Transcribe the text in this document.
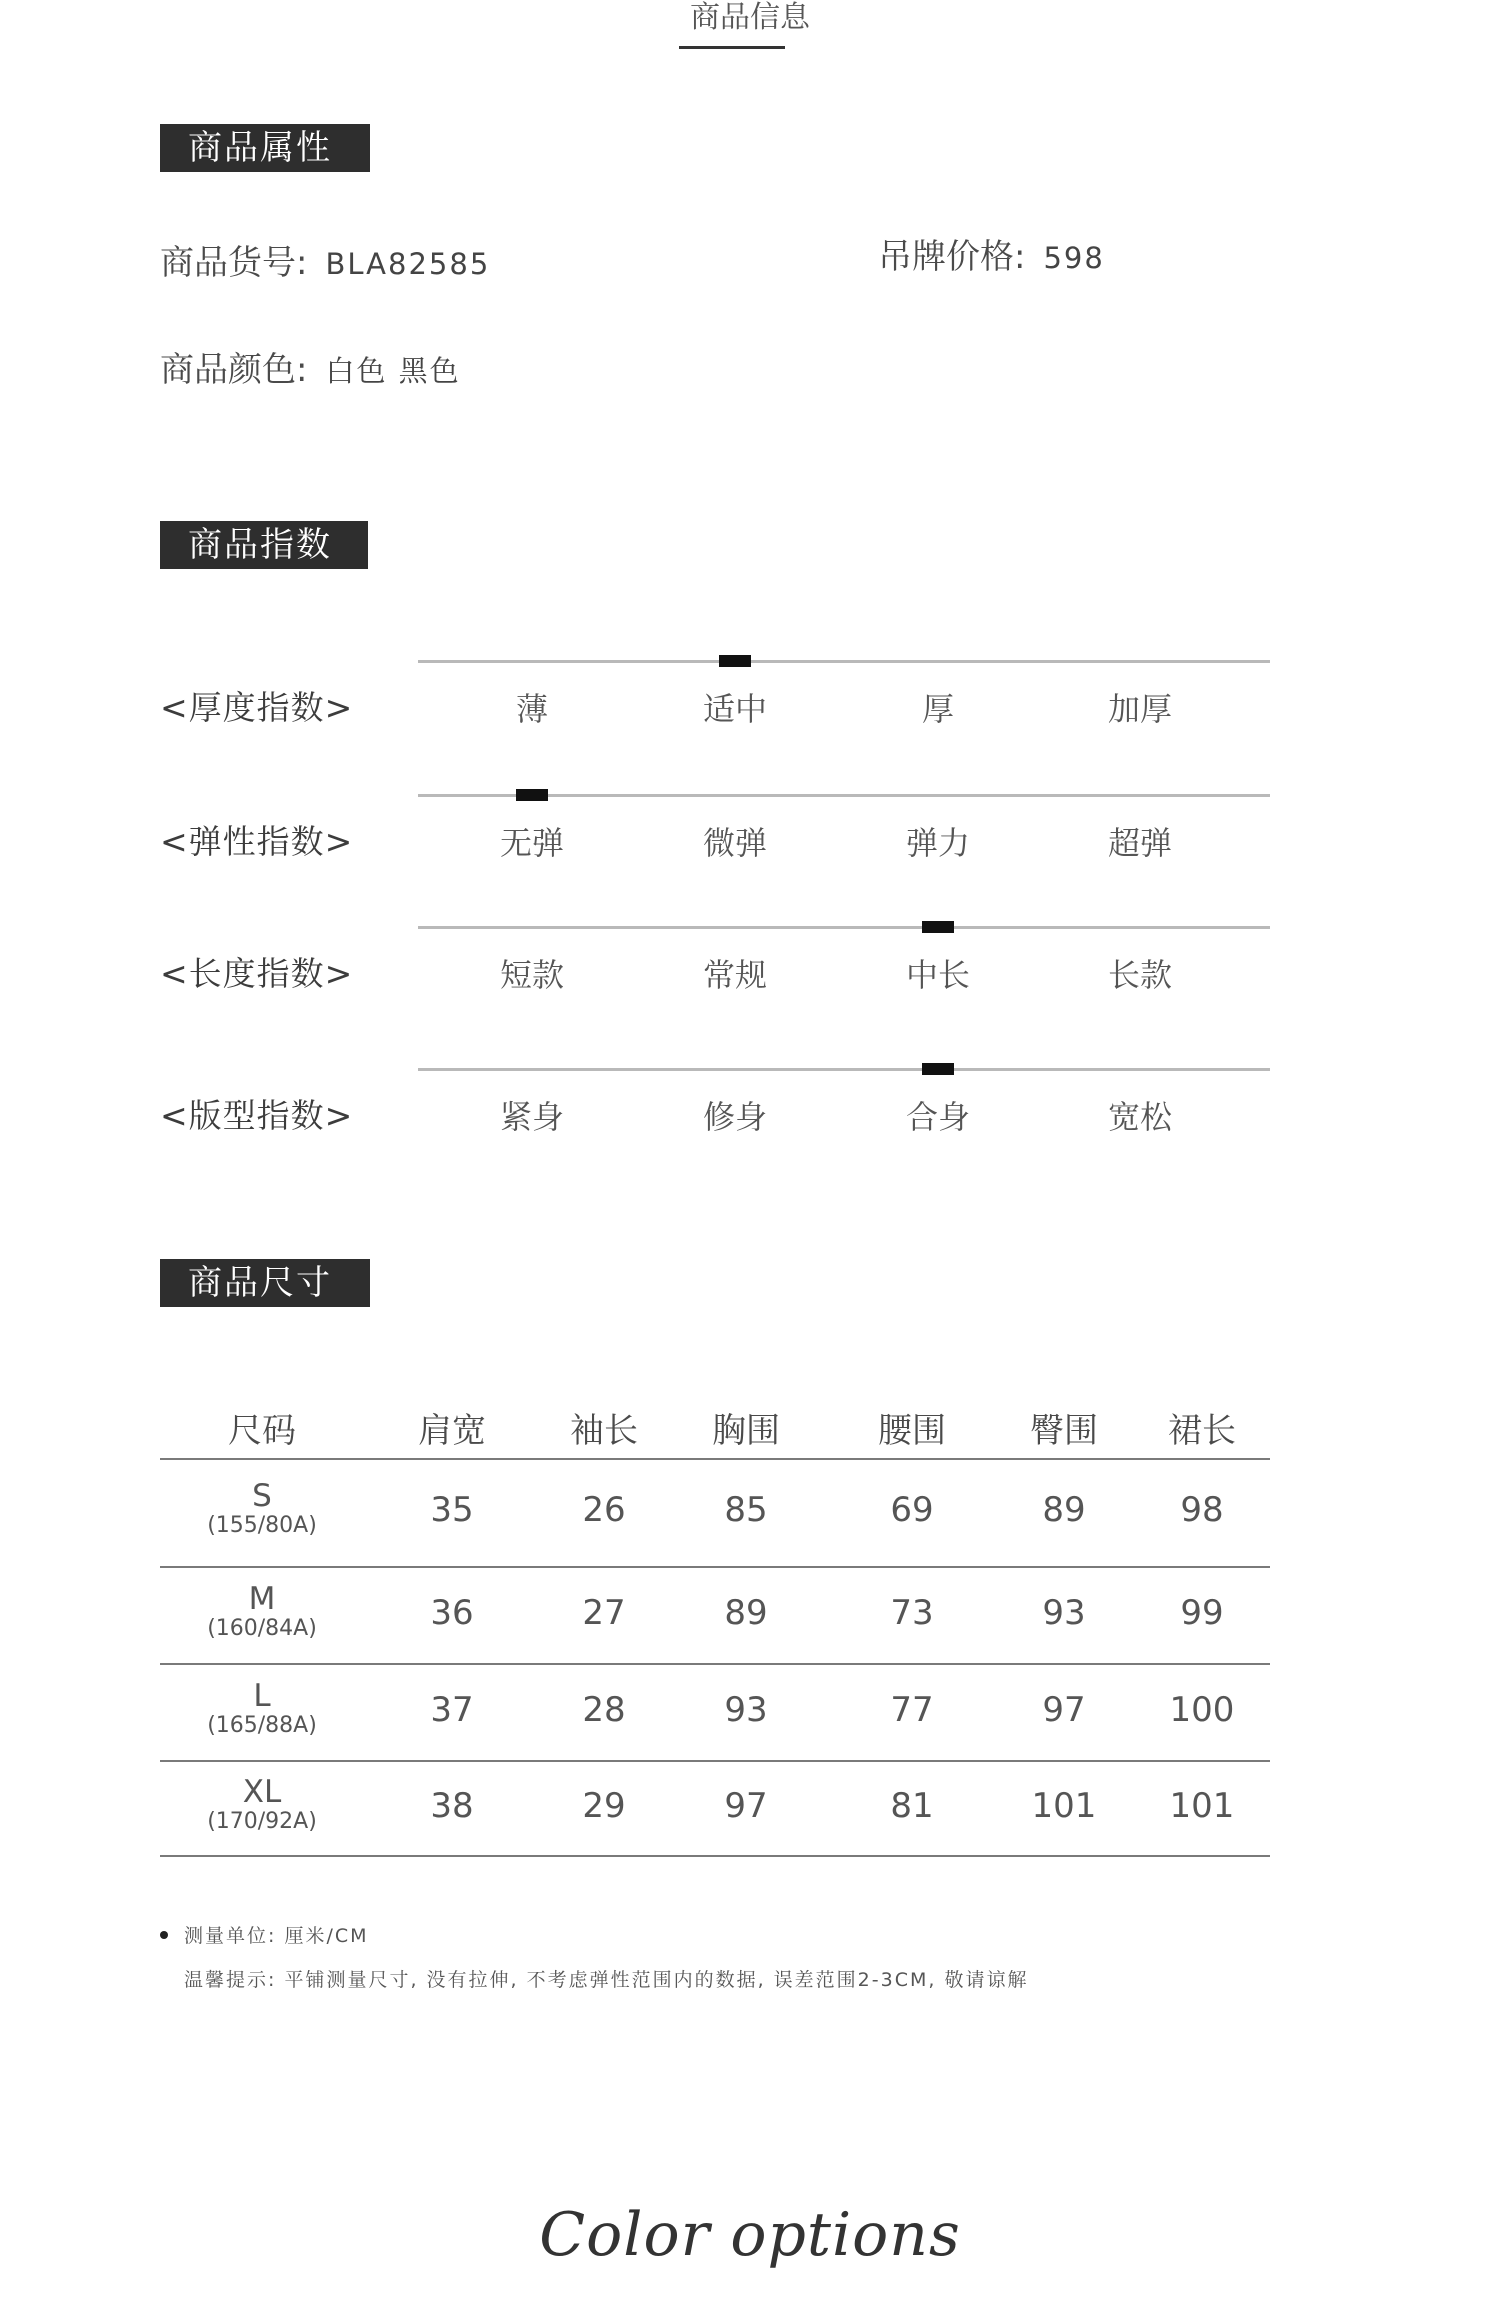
商品信息
商品属性
商品货号: BLA82585	吊牌价格: 598
商品颜色: 白色 黑色
商品指数
<厚度指数>	薄	适中	厚	加厚
<弹性指数>	无弹	微弹	弹力	超弹
<长度指数>	短款	常规	中长	长款
<版型指数>	紧身	修身	合身	宽松
商品尺寸
尺码	肩宽	袖长	胸围	腰围	臀围	裙长
S
(155/80A)	35	26	85	69	89	98
M
(160/84A)	36	27	89	73	93	99
L
(165/88A)	37	28	93	77	97	100
XL
(170/92A)	38	29	97	81	101	101
测量单位: 厘米/CM
温馨提示: 平铺测量尺寸, 没有拉伸, 不考虑弹性范围内的数据, 误差范围2-3CM, 敬请谅解
Color options
